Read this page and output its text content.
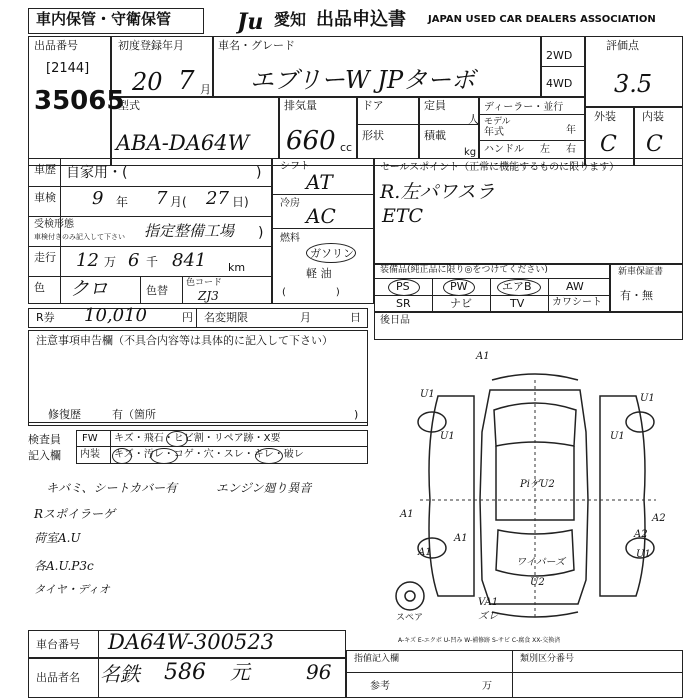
車内保管・守衛保管	Ju 愛知 出品申込書 JAPAN USED CAR DEALERS ASSOCIATION
出品番号
[2144]
35065
初度登録年月
20 7 月
車名・グレード
エブリーW JPターボ
2WD
4WD
評価点
3.5
型式
ABA-DA64W
排気量
660 cc
ドア	定員
人
形状	積載
kg
ディーラー・並行
モデル
年式	年
ハンドル 左 右
外装 内装
C C
車歴 自家用・(	)
車検 9 年 7 月( 27 日)
受検形態
車検付きのみ記入して下さい 指定整備工場 )
走行 12 万 6 千 841 km
色 クロ	色替
色コード
ZJ3
シフト
AT
冷房
AC
燃料
ガソリン
軽 油
(　　　　　)
セールスポイント（正常に機能するものに限ります）
R.左パワスラ
ETC
装備品(純正品に限り◎をつけてください)
PS	PW	エアB	AW
SR	ナビ	TV	カワシート
新車保証書
有・無
R券 10,010	円 名変期限	月	日 後日品
注意事項申告欄（不具合内容等は具体的に記入して下さい）
修復歴	有（箇所	)
検査員
記入欄
FW キズ・飛石・ヒビ割・リペア跡・X要
内装 キズ・汚レ・コゲ・穴・スレ・キレ・破レ
キバミ、シートカバー有	エンジン廻り異音
Rスポイラーゲ
荷室A.U
各A.U.P3c
タイヤ・ディオ
A1
U1	U1
U1
U1
A1	A2
PiゲU2
ワイパーズ
U2
A1	A2
A1	U1
VA1
ズレ
スペア
A-キズ E-エクボ U-凹み W-補修跡 S-サビ C-腐食 XX-交換済
車台番号 DA64W-300523
出品者名 名鉄 586 元	96
指値記入欄	類別区分番号
参考	万
